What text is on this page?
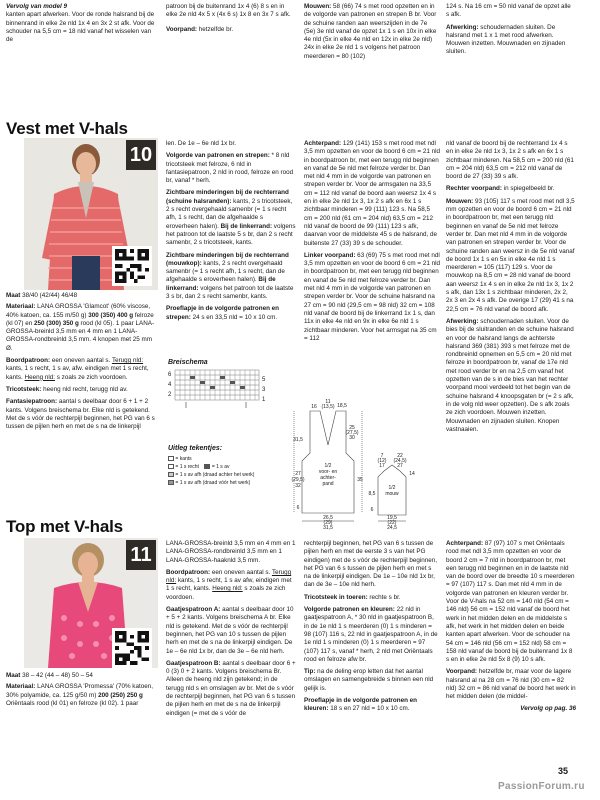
Vervolg van model 9
kanten apart afwerken. Voor de ronde halsrand bij de binnenrand in elke 2e nld 1x 4 en 3x 2 st afk. Voor de schouder na 5,5 cm = 18 nld vanaf het wisselen van de

patroon bij de buitenrand 1x 4 (6) 8 s en in elke 2e nld 4x 5 x (4x 6 s) 1x 8 en 3x 7 s afk.

Voorpand: hetzelfde br.

Mouwen: 58 (66) 74 s met rood opzetten en in de volgorde van patronen en strepen B br. Voor de schuine randen aan weerszijden in de 7e (5e) 3e nld vanaf de opzet 1x 1 s en 10x in elke 4e nld (5x in elke 4e nld en 12x in elke 2e nld) 24x in elke 2e nld 1 s volgens het patroon meerderen = 80 (102)

124 s. Na 16 cm = 50 nld vanaf de opzet alle s afk.

Afwerking: schoudernaden sluiten. De halsrand met 1 x 1 met rood afwerken. Mouwen inzetten. Mouwnaden en zijnaden sluiten.

Vest met V-hals
10

Maat 38/40 (42/44) 46/48

Materiaal: LANA GROSSA 'Glamcot' (60% viscose, 40% katoen, ca. 155 m/50 g) 300 (350) 400 g felroze (kl 07) en 250 (300) 350 g rood (kl 05). 1 paar LANA-GROSSA-breinld 3,5 mm en 4 mm en 1 LANA-GROSSA-rondbreinld 3,5 mm. 4 knopen met 25 mm Ø.

Boordpatroon: een oneven aantal s. Terugg nld: kants, 1 s recht, 1 s av, afw. eindigen met 1 s recht, kants. Heeng nld: s zoals ze zich voordoen.

Tricotsteek: heeng nld recht, terugg nld av.

Fantasiepatroon: aantal s deelbaar door 6 + 1 + 2 kants. Volgens breischema br. Elke nld is getekend. Met de s vóór de rechterpijl beginnen, het PG van 6 s tussen de pijlen herh en met de s na de linkerpijl

len. De 1e – 6e nld 1x br.

Volgorde van patronen en strepen: * 8 nld tricotsteek met felroze, 6 nld in fantasiepatroon, 2 nld in rood, felroze en rood br, vanaf * herh.

Zichtbare minderingen bij de rechterrand (schuine halsranden): kants, 2 s tricotsteek, 2 s recht overgehaald samenbr (= 1 s recht afh, 1 s recht, dan de afgehaalde s eroverheen halen). Bij de linkerrand: volgens het patroon tot de laatste 5 s br, dan 2 s recht samenbr, 2 s tricotsteek, kants.

Zichtbare minderingen bij de rechterrand (mouwkop): kants, 2 s recht overgehaald samenbr (= 1 s recht afh, 1 s recht, dan de afgehaalde s eroverheen halen). Bij de linkerrand: volgens het patroon tot de laatste 3 s br, dan 2 s recht samenbr, kants.

Proeflapje in de volgorde patronen en strepen: 24 s en 33,5 nld = 10 x 10 cm.

Breischema
6
4
2
5
3
1
Uitleg tekentjes:
= kants
= 1 s recht	= 1 s av
= 1 s av afh (draad achter het werk)
= 1 s av afh (draad vóór het werk)

Achterpand: 129 (141) 153 s met rood met ndl 3,5 mm opzetten en voor de boord 6 cm = 21 nld in boordpatroon br, met een terugg nld beginnen en vanaf de 5e nld met felroze verder br. Dan met nld 4 mm in de volgorde van patronen en strepen verder br. Voor de armsgaten na 33,5 cm = 112 nld vanaf de boord aan weersz 1x 4 s en in elke 2e nld 1x 3, 1x 2 s afk en 6x 1 s zichtbaar minderen = 99 (111) 123 s. Na 58,5 cm = 200 nld (61 cm = 204 nld) 63,5 cm = 212 nld vanaf de boord de 99 (111) 123 s afk, daarvan voor de middelste 45 s de halsrand, de buitenste 27 (33) 39 s de schouder.

Linker voorpand: 63 (69) 75 s met rood met ndl 3,5 mm opzetten en voor de boord 6 cm = 21 nld in boordpatroon br, met een terugg nld beginnen en vanaf de 5e nld met felroze verder br. Dan met nld 4 mm in de volgorde van patronen en strepen verder br. Voor de schuine halsrand na 27 cm = 90 nld (29,5 cm = 98 nld) 32 cm = 108 nld vanaf de boord bij de linkerrand 1x 1 s, dan 11x in elke 4e nld en 9x in elke 6e nld 1 s zichtbaar minderen. Voor het armsgat na 35 cm = 112

nld vanaf de boord bij de rechterrand 1x 4 s en in elke 2e nld 1x 3, 1x 2 s afk en 6x 1 s zichtbaar minderen. Na 58,5 cm = 200 nld (61 cm = 204 nld) 63,5 cm = 212 nld vanaf de boord de 27 (33) 39 s afk.

Rechter voorpand: in spiegelbeeld br.

Mouwen: 93 (105) 117 s met rood met ndl 3,5 mm opzetten en voor de boord 6 cm = 21 nld in boordpatroon br, met een terugg nld beginnen en vanaf de 5e nld met felroze verder br. Dan met nld 4 mm in de volgorde van patronen en strepen verder br. Voor de schuine randen aan weersz in de 5e nld vanaf de boord 1x 1 s en 5x in elke 4e nld 1 s meerderen = 105 (117) 129 s. Voor de mouwkop na 8,5 cm = 28 nld vanaf de boord aan weersz 1x 4 s en in elke 2e nld 1x 3, 1x 2 s afk, dan 13x 1 s zichtbaar minderen, 2x 2, 2x 3 en 2x 4 s afk. De overige 17 (29) 41 s na 22,5 cm = 76 nld vanaf de boord afk.

Afwerking: schoudernaden sluiten. Voor de bies bij de sluitranden en de schuine halsrand en voor de halsrand langs de achterste halsrand 369 (381) 393 s met felroze met de rondbreinld opnemen en 5,5 cm = 20 nld met felroze in boordpatroon br, vanaf de 17e nld met rood verder br en na 2,5 cm vanaf het opzetten van de s in de bies van het rechter voorpand mooi verdeeld tot het begin van de schuine halsrand 4 knoopsgaten br (= 2 s afk, in de volg nld weer opzetten). De s afk zoals ze zich voordoen. Mouwen inzetten. Mouwnaden en zijnaden sluiten. Knopen vastnaaien.

11
(13,5)
16	18,5
25
(27,5)
30
31,5
1/2
voor- en
achter-
pand
27
(29,5)
32
35
6
26,5
(29)
31,5
22
(24,5)
27
7
(12)
17
14
1/2
mouw
8,5
6
19,5
(22)
24,5
Top met V-hals
11

Maat 38 – 42 (44 – 48) 50 – 54

Materiaal: LANA GROSSA 'Promessa' (70% katoen, 30% polyamide, ca. 125 g/50 m) 200 (250) 250 g Oriëntaals rood (kl 01) en felroze (kl 02). 1 paar

LANA-GROSSA-breinld 3,5 mm en 4 mm en 1 LANA-GROSSA-rondbreinld 3,5 mm en 1 LANA-GROSSA-haaknld 3,5 mm.

Boordpatroon: een oneven aantal s. Terugg nld: kants, 1 s recht, 1 s av afw, eindigen met 1 s recht, kants. Heeng nld: s zoals ze zich voordoen.

Gaatjespatroon A: aantal s deelbaar door 10 + 5 + 2 kants. Volgens breischema A br. Elke nld is getekend. Met de s vóór de rechterpijl beginnen, het PG van 10 s tussen de pijlen herh en met de s na de linkerpijl eindigen. De 1e – 6e nld 1x br, dan de 3e – 6e nld herh.

Gaatjespatroon B: aantal s deelbaar door 6 + 0 (3) 0 + 2 kants. Volgens breischema Br. Alleen de heeng nld zijn getekend; in de terugg nld s en omslagen av br. Met de s vóór de rechterpijl beginnen, het PG van 6 s tussen de pijlen herh en met de s na de linkerpijl eindigen (= met de s vóór de

rechterpijl beginnen, het PG van 6 s tussen de pijlen herh en met de eerste 3 s van het PG eindigen) met de s vóór de rechterpijl beginnen, het PG van 6 s tussen de pijlen herh en met s na de linkerpijl eindigen. De 1e – 10e nld 1x br, dan de 3e – 10e nld herh.

Tricotsteek in toeren: rechte s br.

Volgorde patronen en kleuren: 22 nld in gaatjespatroon A, * 30 nld in gaatjespatroon B, in de 1e nld 1 s meerderen (0) 1 s minderen = 98 (107) 116 s, 22 nld in gaatjespatroon A, in de 1e nld 1 s minderen (0) 1 s meerderen = 97 (107) 117 s, vanaf * herh, 2 nld met Oriëntaals rood en felroze afw br.

Tip: na de deling erop letten dat het aantal omslagen en samengebreide s binnen een nld gelijk is.

Proeflapje in de volgorde patronen en kleuren: 18 s en 27 nld = 10 x 10 cm.

Achterpand: 87 (97) 107 s met Oriëntaals rood met ndl 3,5 mm opzetten en voor de boord 2 cm = 7 nld in boordpatroon br, met een terugg nld beginnen en in de laatste nld van de boord over de breedte 10 s meerderen = 97 (107) 117 s. Dan met nld 4 mm in de volgorde van patronen en kleuren verder br. Voor de V-hals na 52 cm = 140 nld (54 cm = 146 nld) 56 cm = 152 nld vanaf de boord het werk in het midden delen en de middelste s afk, het werk in het midden delen en beide kanten apart afwerken. Voor de schouder na 54 cm = 146 nld (56 cm = 152 nld) 58 cm = 158 nld vanaf de boord bij de buitenrand 1x 8 s en in elke 2e nld 5x 8 (9) 10 s afk.

Voorpand: hetzelfde br, maar voor de lagere halsrand al na 28 cm = 76 nld (30 cm = 82 nld) 32 cm = 86 nld vanaf de boord het werk in het midden delen (de middel-

Vervolg op pag. 36

35
PassionForum.ru
